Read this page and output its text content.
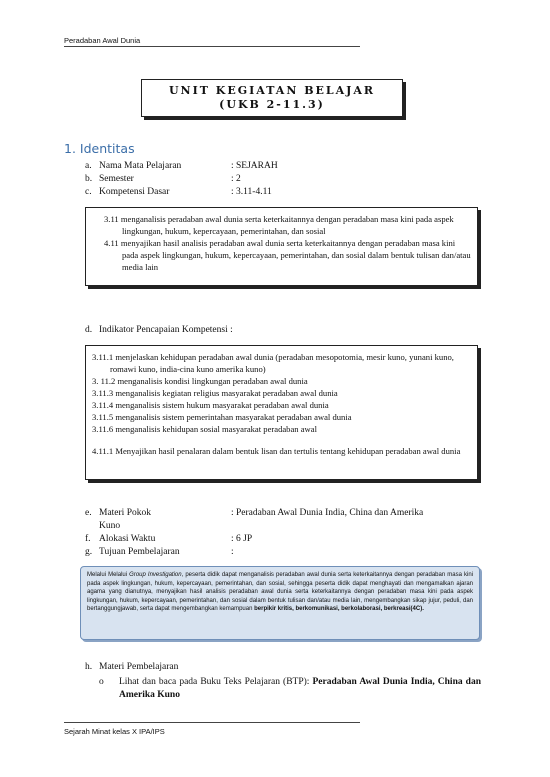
Peradaban Awal Dunia
UNIT KEGIATAN BELAJAR
(UKB 2-11.3)
1. Identitas
a. Nama Mata Pelajaran	: SEJARAH
b. Semester	: 2
c. Kompetensi Dasar	: 3.11-4.11

3.11 menganalisis peradaban awal dunia serta keterkaitannya dengan peradaban masa kini pada aspek lingkungan, hukum, kepercayaan, pemerintahan, dan sosial

4.11 menyajikan hasil analisis peradaban awal dunia serta keterkaitannya dengan peradaban masa kini pada aspek lingkungan, hukum, kepercayaan, pemerintahan, dan sosial dalam bentuk tulisan dan/atau media lain

d. Indikator Pencapaian Kompetensi :

3.11.1 menjelaskan kehidupan peradaban awal dunia (peradaban mesopotomia, mesir kuno, yunani kuno, romawi kuno, india-cina kuno amerika kuno)

3. 11.2 menganalisis kondisi lingkungan peradaban awal dunia

3.11.3 menganalisis kegiatan religius masyarakat peradaban awal dunia

3.11.4 menganalisis sistem hukum masyarakat peradaban awal dunia

3.11.5 menganalisis sistem pemerintahan masyarakat peradaban awal dunia

3.11.6 menganalisis kehidupan sosial masyarakat peradaban awal

4.11.1 Menyajikan hasil penalaran dalam bentuk lisan dan tertulis tentang kehidupan peradaban awal dunia

e. Materi Pokok	: Peradaban Awal Dunia India, China dan Amerika
Kuno
f. Alokasi Waktu	: 6 JP
g. Tujuan Pembelajaran	:
Melalui Melalui Group Investigation, peserta didik dapat menganalisis peradaban awal dunia serta keterkaitannya dengan peradaban masa kini pada aspek lingkungan, hukum, kepercayaan, pemerintahan, dan sosial, sehingga peserta didik dapat menghayati dan mengamalkan ajaran agama yang dianutnya, menyajikan hasil analisis peradaban awal dunia serta keterkaitannya dengan peradaban masa kini pada aspek lingkungan, hukum, kepercayaan, pemerintahan, dan sosial dalam bentuk tulisan dan/atau media lain, mengembangkan sikap jujur, peduli, dan bertanggungjawab, serta dapat mengembangkan kemampuan berpikir kritis, berkomunikasi, berkolaborasi, berkreasi(4C).
h. Materi Pembelajaran
o Lihat dan baca pada Buku Teks Pelajaran (BTP): Peradaban Awal Dunia India, China dan Amerika Kuno
Sejarah Minat kelas X IPA/IPS
